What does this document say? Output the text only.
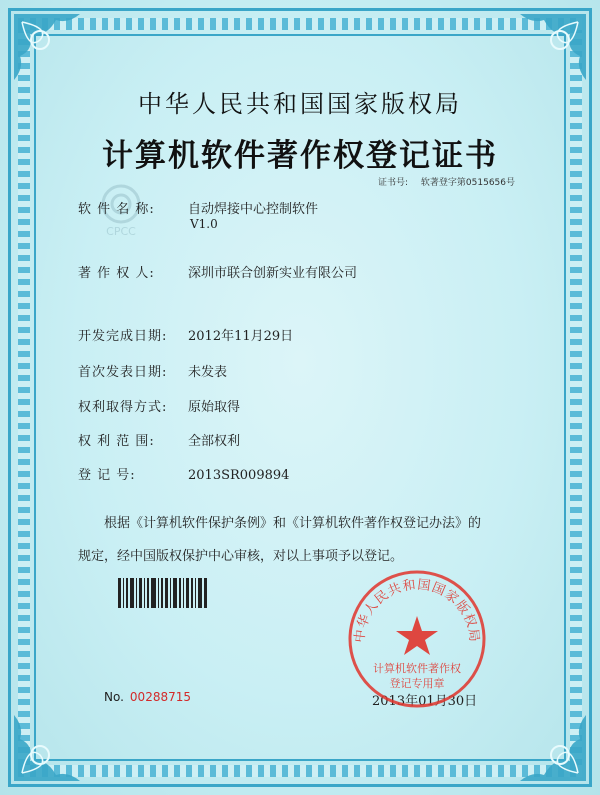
中华人民共和国国家版权局
计算机软件著作权登记证书
证书号: 软著登字第0515656号
CPCC
软 件 名 称:	自动焊接中心控制软件
V1.0
著 作 权 人:	深圳市联合创新实业有限公司
开发完成日期: 2012年11月29日
首次发表日期: 未发表
权利取得方式: 原始取得
权 利 范 围:	全部权利
登 记 号:	2013SR009894
根据《计算机软件保护条例》和《计算机软件著作权登记办法》的
规定，经中国版权保护中心审核，对以上事项予以登记。
No. 00288715	2013年01月30日
中华人民共和国国家版权局
计算机软件著作权
登记专用章
